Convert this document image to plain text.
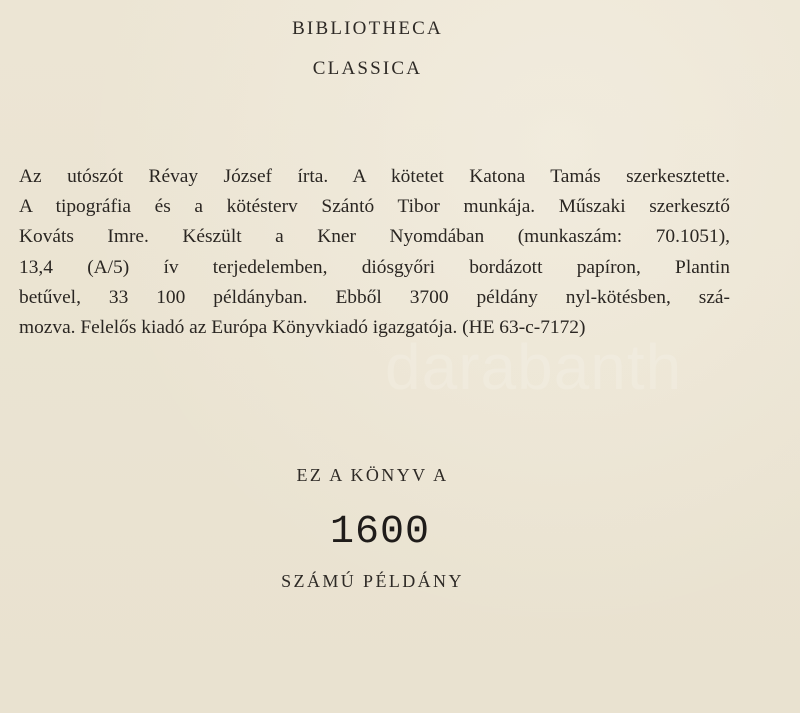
BIBLIOTHECA
CLASSICA
Az utószót Révay József írta. A kötetet Katona Tamás szerkesztette.
A tipográfia és a kötésterv Szántó Tibor munkája. Műszaki szerkesztő
Kováts Imre. Készült a Kner Nyomdában (munkaszám: 70.1051),
13,4 (A/5) ív terjedelemben, diósgyőri bordázott papíron, Plantin
betűvel, 33 100 példányban. Ebből 3700 példány nyl-kötésben, szá-
mozva. Felelős kiadó az Európa Könyvkiadó igazgatója. (HE 63-c-7172)
EZ A KÖNYV A
1600
SZÁMÚ PÉLDÁNY
darabanth
